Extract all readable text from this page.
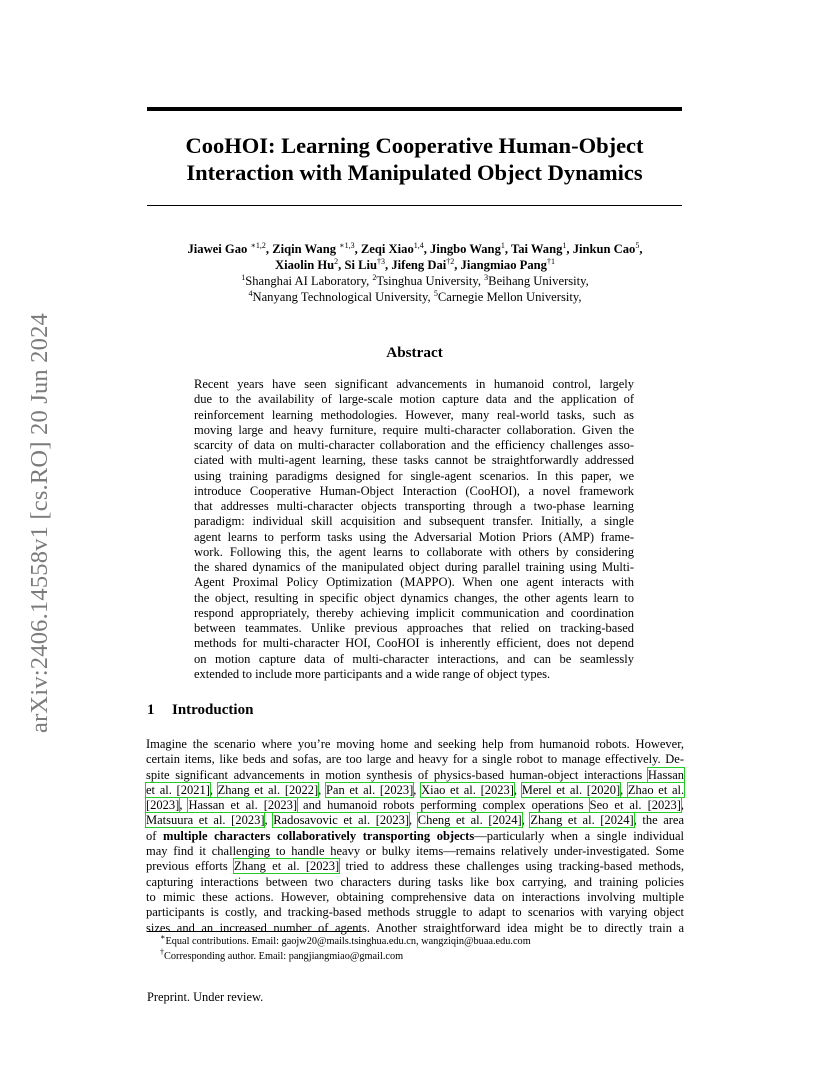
CooHOI: Learning Cooperative Human-Object
Interaction with Manipulated Object Dynamics
arXiv:2406.14558v1 [cs.RO] 20 Jun 2024
Jiawei Gao $^{∗1,2}$, Ziqin Wang $^{∗1,3}$, Zeqi Xiao$^{1,4}$, Jingbo Wang$^1$, Tai Wang$^1$, Jinkun Cao$^5$,
Xiaolin Hu$^2$, Si Liu$^{\dagger 3}$, Jifeng Dai$^{\dagger 2}$, Jiangmiao Pang$^{\dagger 1}$
$^1$Shanghai AI Laboratory, $^2$Tsinghua University, $^3$Beihang University,
$^4$Nanyang Technological University, $^5$Carnegie Mellon University,
Abstract
Recent years have seen significant advancements in humanoid control, largely
due to the availability of large-scale motion capture data and the application of
reinforcement learning methodologies. However, many real-world tasks, such as
moving large and heavy furniture, require multi-character collaboration. Given the
scarcity of data on multi-character collaboration and the efficiency challenges asso-
ciated with multi-agent learning, these tasks cannot be straightforwardly addressed
using training paradigms designed for single-agent scenarios. In this paper, we
introduce Cooperative Human-Object Interaction (CooHOI), a novel framework
that addresses multi-character objects transporting through a two-phase learning
paradigm: individual skill acquisition and subsequent transfer. Initially, a single
agent learns to perform tasks using the Adversarial Motion Priors (AMP) frame-
work. Following this, the agent learns to collaborate with others by considering
the shared dynamics of the manipulated object during parallel training using Multi-
Agent Proximal Policy Optimization (MAPPO). When one agent interacts with
the object, resulting in specific object dynamics changes, the other agents learn to
respond appropriately, thereby achieving implicit communication and coordination
between teammates. Unlike previous approaches that relied on tracking-based
methods for multi-character HOI, CooHOI is inherently efficient, does not depend
on motion capture data of multi-character interactions, and can be seamlessly
extended to include more participants and a wide range of object types.
1 Introduction
Imagine the scenario where you’re moving home and seeking help from humanoid robots. However,
certain items, like beds and sofas, are too large and heavy for a single robot to manage effectively. De-
spite significant advancements in motion synthesis of physics-based human-object interactions Hassan
et al. [2021], Zhang et al. [2022], Pan et al. [2023], Xiao et al. [2023], Merel et al. [2020], Zhao et al.
[2023], Hassan et al. [2023] and humanoid robots performing complex operations Seo et al. [2023],
Matsuura et al. [2023], Radosavovic et al. [2023], Cheng et al. [2024], Zhang et al. [2024], the area
of multiple characters collaboratively transporting objects—particularly when a single individual
may find it challenging to handle heavy or bulky items—remains relatively under-investigated. Some
previous efforts Zhang et al. [2023] tried to address these challenges using tracking-based methods,
capturing interactions between two characters during tasks like box carrying, and training policies
to mimic these actions. However, obtaining comprehensive data on interactions involving multiple
participants is costly, and tracking-based methods struggle to adapt to scenarios with varying object
sizes and an increased number of agents. Another straightforward idea might be to directly train a
∗Equal contributions. Email: gaojw20@mails.tsinghua.edu.cn, wangziqin@buaa.edu.com
†Corresponding author. Email: pangjiangmiao@gmail.com
Preprint. Under review.
